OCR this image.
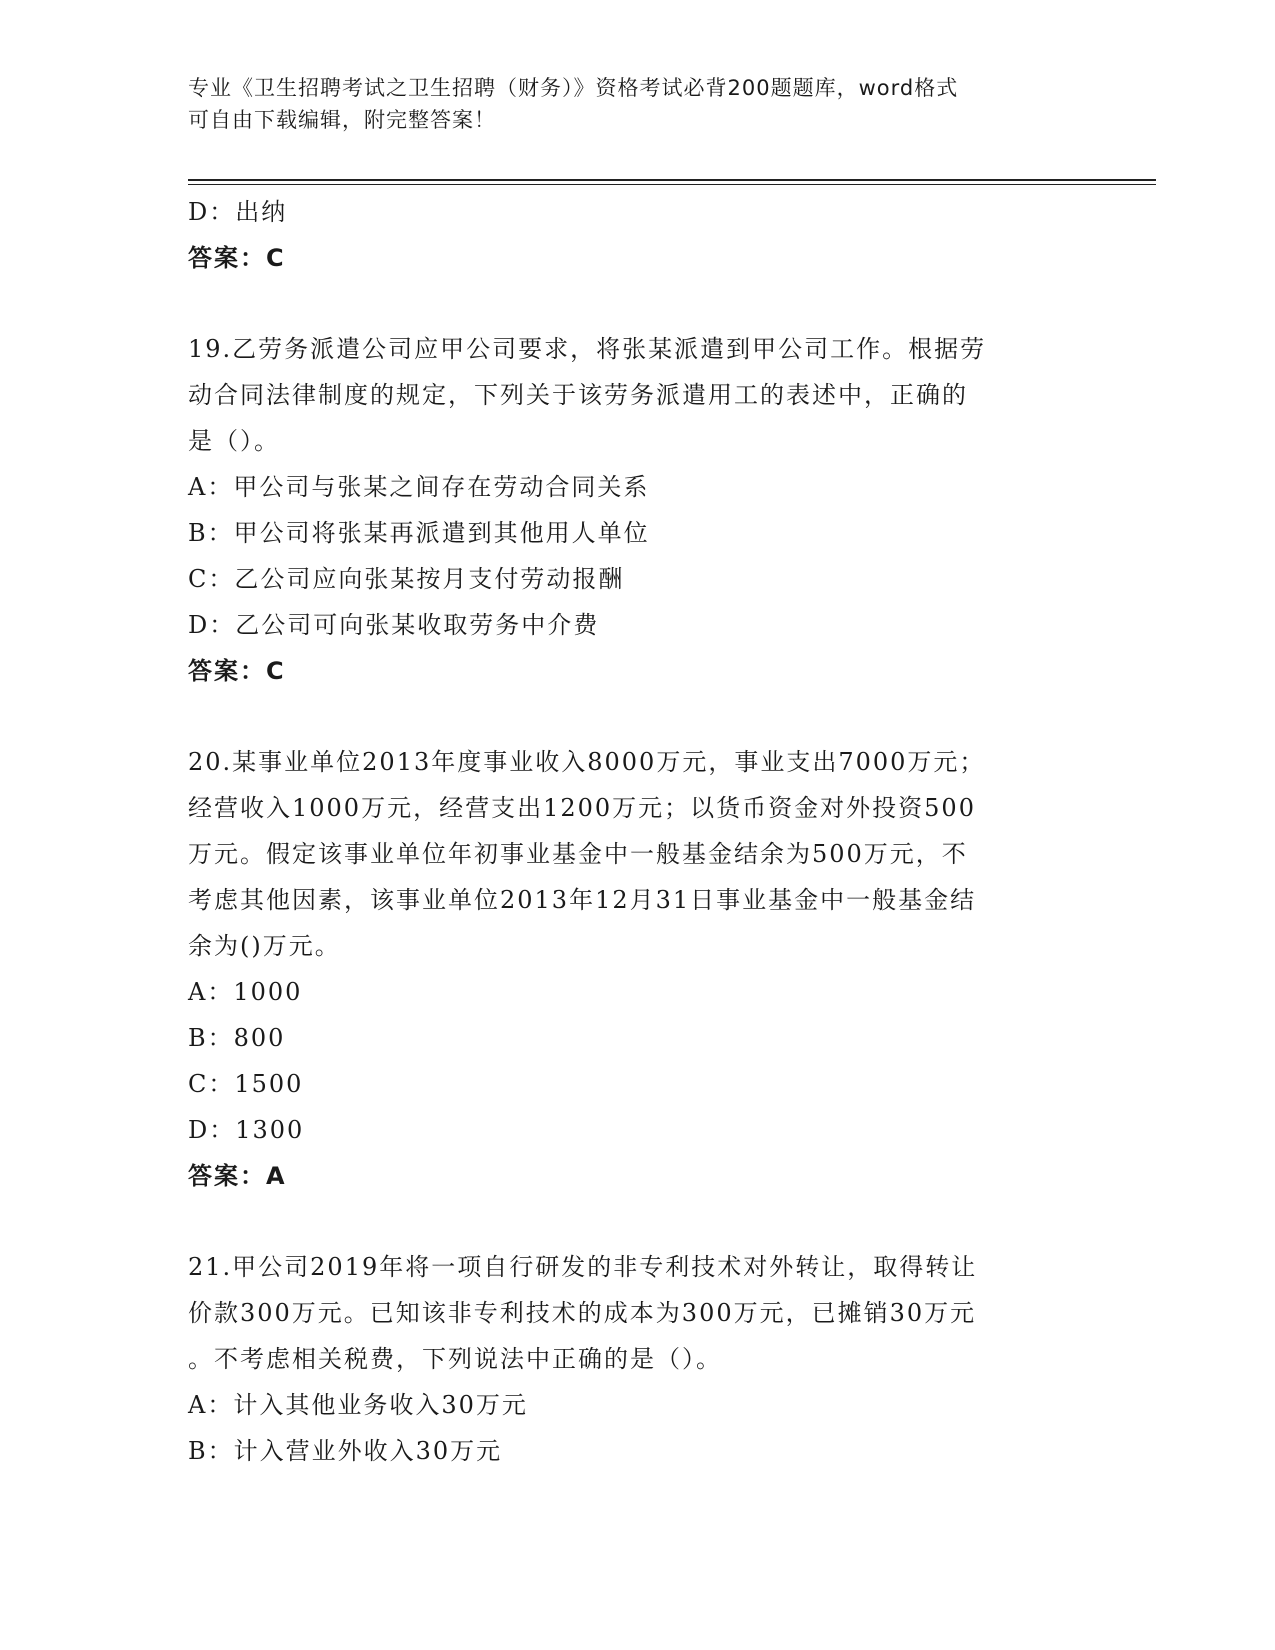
专业《卫生招聘考试之卫生招聘（财务）》资格考试必背200题题库，word格式
可自由下载编辑，附完整答案！
D：出纳
答案：C
19.乙劳务派遣公司应甲公司要求，将张某派遣到甲公司工作。根据劳
动合同法律制度的规定，下列关于该劳务派遣用工的表述中，正确的
是（）。
A：甲公司与张某之间存在劳动合同关系
B：甲公司将张某再派遣到其他用人单位
C：乙公司应向张某按月支付劳动报酬
D：乙公司可向张某收取劳务中介费
答案：C
20.某事业单位2013年度事业收入8000万元，事业支出7000万元；
经营收入1000万元，经营支出1200万元；以货币资金对外投资500
万元。假定该事业单位年初事业基金中一般基金结余为500万元，不
考虑其他因素，该事业单位2013年12月31日事业基金中一般基金结
余为()万元。
A：1000
B：800
C：1500
D：1300
答案：A
21.甲公司2019年将一项自行研发的非专利技术对外转让，取得转让
价款300万元。已知该非专利技术的成本为300万元，已摊销30万元
。不考虑相关税费，下列说法中正确的是（）。
A：计入其他业务收入30万元
B：计入营业外收入30万元
